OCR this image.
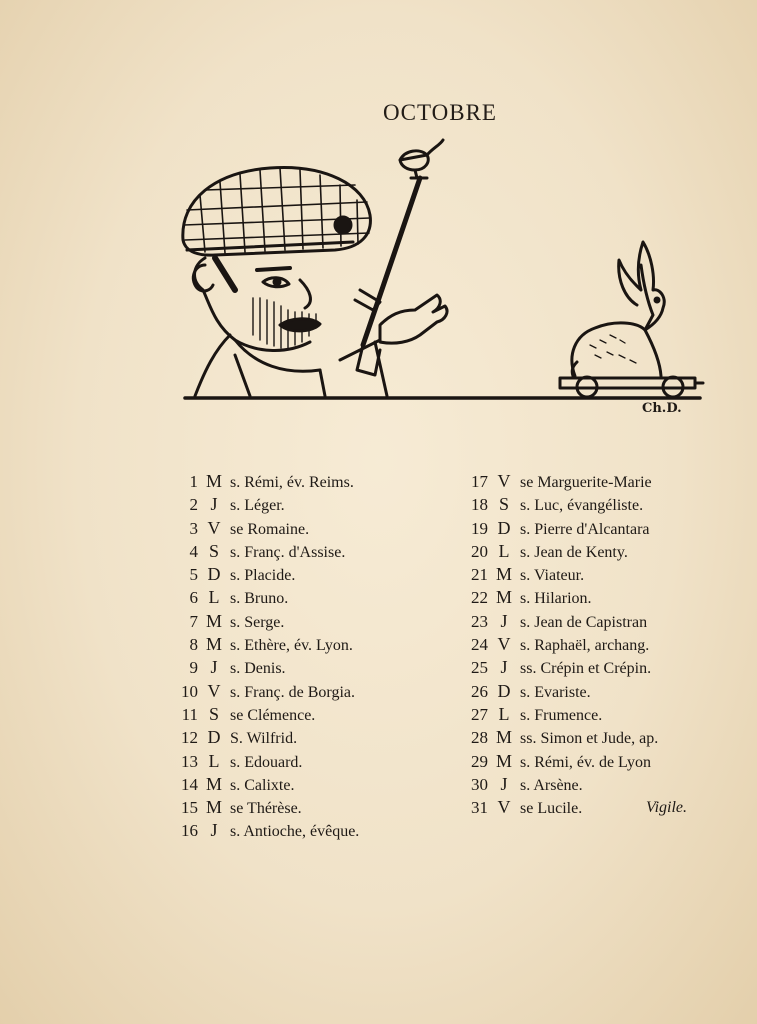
OCTOBRE
Ch.D.
1 M s. Rémi, év. Reims.
2 J s. Léger.
3 V se Romaine.
4 S s. Franç. d'Assise.
5 D s. Placide.
6 L s. Bruno.
7 M s. Serge.
8 M s. Ethère, év. Lyon.
9 J s. Denis.
10 V s. Franç. de Borgia.
11 S se Clémence.
12 D S. Wilfrid.
13 L s. Edouard.
14 M s. Calixte.
15 M se Thérèse.
16 J s. Antioche, évêque.
17 V se Marguerite-Marie
18 S s. Luc, évangéliste.
19 D s. Pierre d'Alcantara
20 L s. Jean de Kenty.
21 M s. Viateur.
22 M s. Hilarion.
23 J s. Jean de Capistran
24 V s. Raphaël, archang.
25 J ss. Crépin et Crépin.
26 D s. Evariste.
27 L s. Frumence.
28 M ss. Simon et Jude, ap.
29 M s. Rémi, év. de Lyon
30 J s. Arsène.
31 V se Lucile.	Vigile.
